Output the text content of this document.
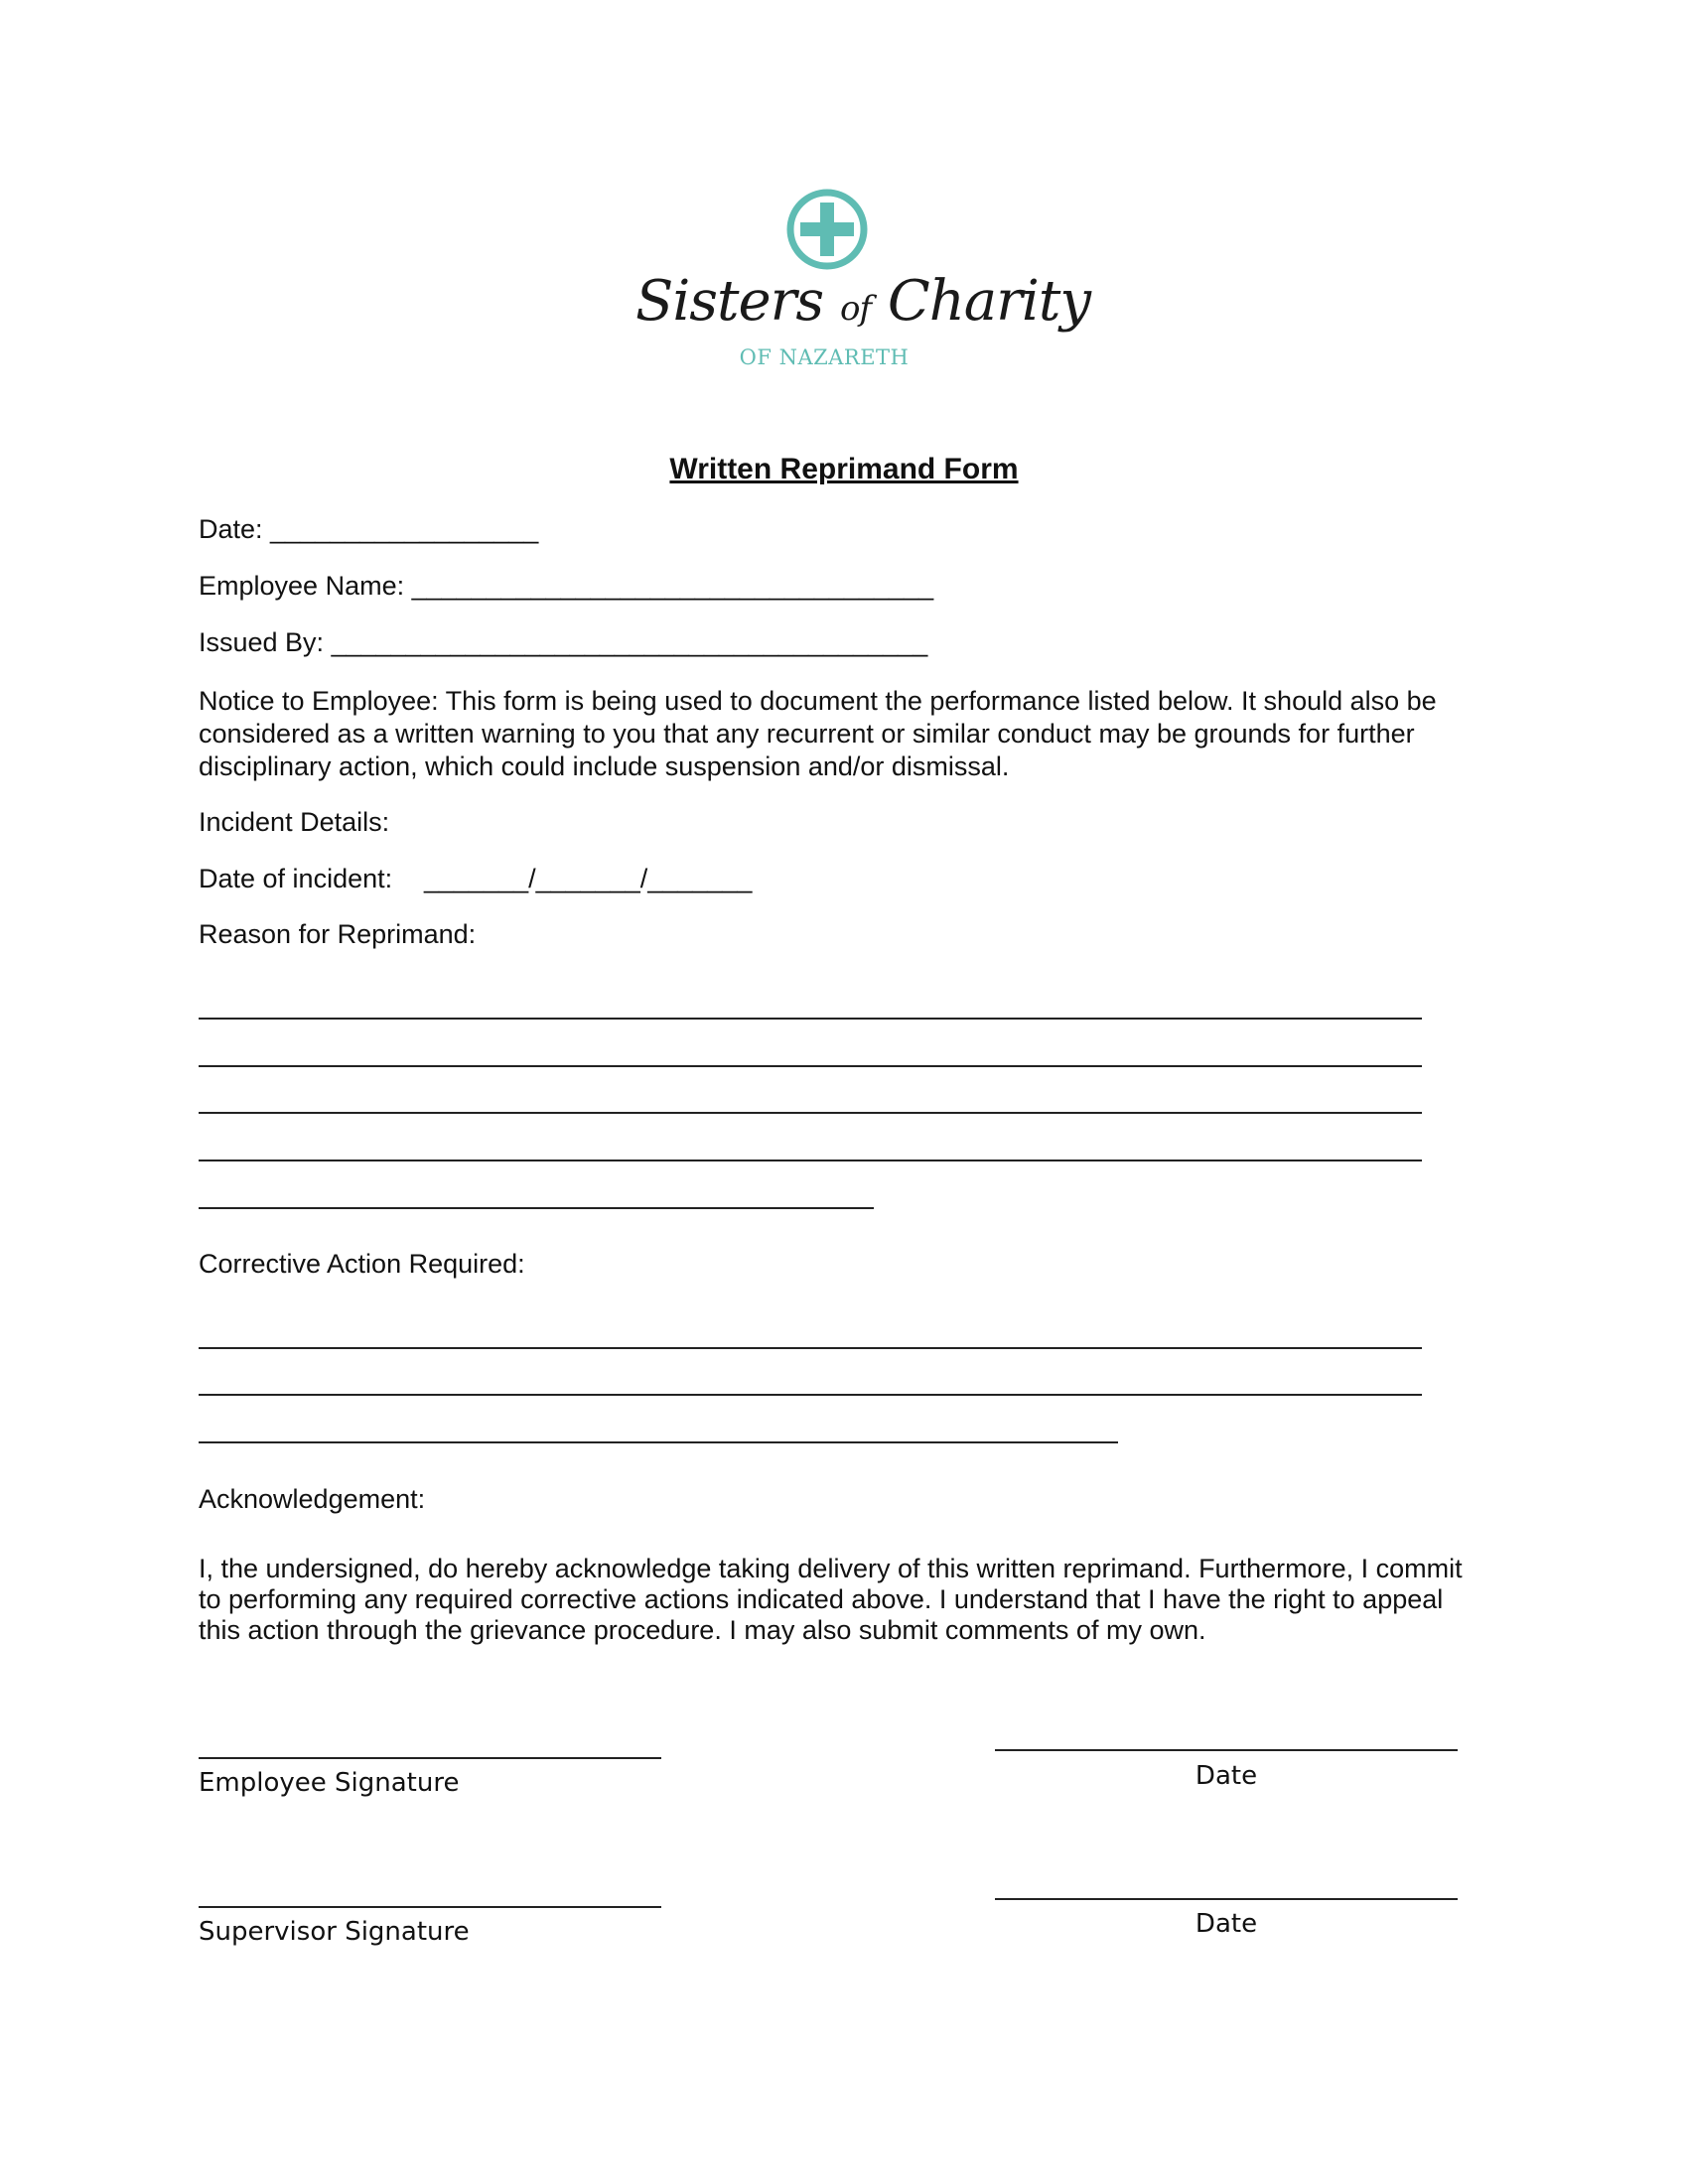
Sisters of Charity
OF NAZARETH
Written Reprimand Form
Date: __________________
Employee Name: ___________________________________
Issued By: ________________________________________
Notice to Employee: This form is being used to document the performance listed below. It should also be considered as a written warning to you that any recurrent or similar conduct may be grounds for further disciplinary action, which could include suspension and/or dismissal.
Incident Details:
Date of incident: _______/_______/_______
Reason for Reprimand:
Corrective Action Required:
Acknowledgement:
I, the undersigned, do hereby acknowledge taking delivery of this written reprimand. Furthermore, I commit to performing any required corrective actions indicated above. I understand that I have the right to appeal this action through the grievance procedure. I may also submit comments of my own.
Employee Signature	Date
Supervisor Signature	Date
